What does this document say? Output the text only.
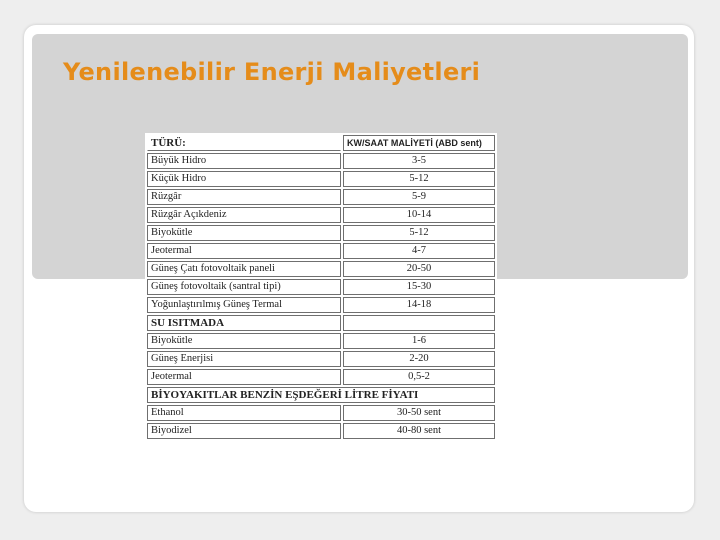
Yenilenebilir Enerji Maliyetleri
TÜRÜ:	KW/SAAT MALİYETİ (ABD sent)
Büyük Hidro	3-5
Küçük Hidro	5-12
Rüzgâr	5-9
Rüzgâr Açıkdeniz	10-14
Biyokütle	5-12
Jeotermal	4-7
Güneş Çatı fotovoltaik paneli	20-50
Güneş fotovoltaik (santral tipi)	15-30
Yoğunlaştırılmış Güneş Termal	14-18
SU ISITMADA	
Biyokütle	1-6
Güneş Enerjisi	2-20
Jeotermal	0,5-2
BİYOYAKITLAR BENZİN EŞDEĞERİ LİTRE FİYATI	
Ethanol	30-50 sent
Biyodizel	40-80 sent
